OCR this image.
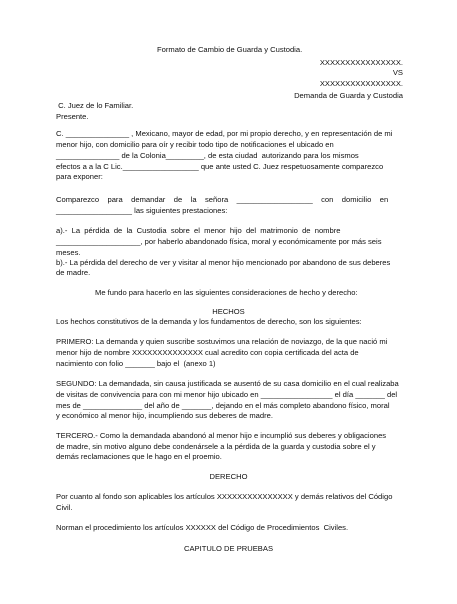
Formato de Cambio de Guarda y Custodia.
XXXXXXXXXXXXXXXX.
VS
XXXXXXXXXXXXXXXX.
Demanda de Guarda y Custodia
C. Juez de lo Familiar.
Presente.
C. _______________ , Mexicano, mayor de edad, por mi propio derecho, y en representación de mi
menor hijo, con domicilio para oír y recibir todo tipo de notificaciones el ubicado en
_______________ de la Colonia_________, de esta ciudad  autorizando para los mismos
efectos a a la C Lic.__________________ que ante usted C. Juez respetuosamente comparezco
para exponer:
Comparezco    para    demandar    de    la    señora    __________________    con    domicilio    en
__________________ las siguientes prestaciones:
a).-  La  pérdida  de  la  Custodia  sobre  el  menor  hijo  del  matrimonio  de  nombre
____________________, por haberlo abandonado física, moral y económicamente por más seis
meses.
b).- La pérdida del derecho de ver y visitar al menor hijo mencionado por abandono de sus deberes
de madre.
Me fundo para hacerlo en las siguientes consideraciones de hecho y derecho:
HECHOS
Los hechos constitutivos de la demanda y los fundamentos de derecho, son los siguientes:
PRIMERO: La demanda y quien suscribe sostuvimos una relación de noviazgo, de la que nació mi
menor hijo de nombre XXXXXXXXXXXXXX cual acredito con copia certificada del acta de
nacimiento con folio _______ bajo el  (anexo 1)
SEGUNDO: La demandada, sin causa justificada se ausentó de su casa domicilio en el cual realizaba
de visitas de convivencia para con mi menor hijo ubicado en _________________ el día _______ del
mes de ______________ del año de _______, dejando en el más completo abandono físico, moral
y económico al menor hijo, incumpliendo sus deberes de madre.
TERCERO.- Como la demandada abandonó al menor hijo e incumplió sus deberes y obligaciones
de madre, sin motivo alguno debe condenársele a la pérdida de la guarda y custodia sobre el y
demás reclamaciones que le hago en el proemio.
DERECHO
Por cuanto al fondo son aplicables los artículos XXXXXXXXXXXXXXX y demás relativos del Código
Civil.
Norman el procedimiento los artículos XXXXXX del Código de Procedimientos  Civiles.
CAPITULO DE PRUEBAS
